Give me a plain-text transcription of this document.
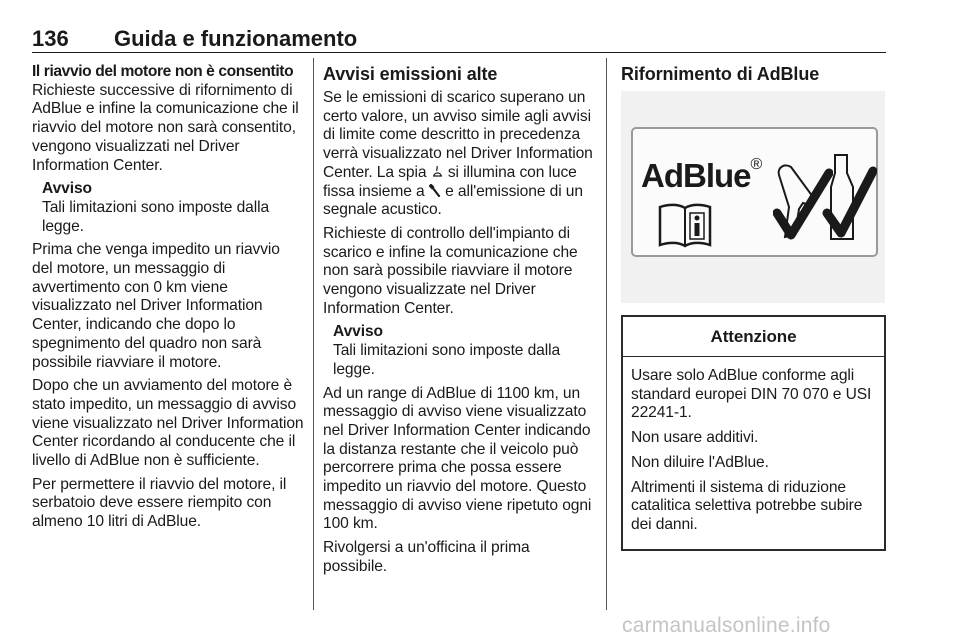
136 Guida e funzionamento
Il riavvio del motore non è consentito

Richieste successive di rifornimento di AdBlue e infine la comunicazione che il riavvio del motore non sarà consentito, vengono visualizzati nel Driver Information Center.

Avviso
Tali limitazioni sono imposte dalla legge.

Prima che venga impedito un riavvio del motore, un messaggio di avvertimento con 0 km viene visualizzato nel Driver Information Center, indicando che dopo lo spegnimento del quadro non sarà possibile riavviare il motore.

Dopo che un avviamento del motore è stato impedito, un messaggio di avviso viene visualizzato nel Driver Information Center ricordando al conducente che il livello di AdBlue non è sufficiente.

Per permettere il riavvio del motore, il serbatoio deve essere riempito con almeno 10 litri di AdBlue.

Avvisi emissioni alte

Se le emissioni di scarico superano un certo valore, un avviso simile agli avvisi di limite come descritto in precedenza verrà visualizzato nel Driver Information Center. La spia  si illumina con luce fissa insieme a  e all'emissione di un segnale acustico.

Richieste di controllo dell'impianto di scarico e infine la comunicazione che non sarà possibile riavviare il motore vengono visualizzate nel Driver Information Center.

Avviso
Tali limitazioni sono imposte dalla legge.

Ad un range di AdBlue di 1100 km, un messaggio di avviso viene visualizzato nel Driver Information Center indicando la distanza restante che il veicolo può percorrere prima che possa essere impedito un riavvio del motore. Questo messaggio di avviso viene ripetuto ogni 100 km.

Rivolgersi a un'officina il prima possibile.

Rifornimento di AdBlue
AdBlue®
Attenzione

Usare solo AdBlue conforme agli standard europei DIN 70 070 e USI 22241-1.

Non usare additivi.

Non diluire l'AdBlue.

Altrimenti il sistema di riduzione catalitica selettiva potrebbe subire dei danni.

carmanualsonline.info
